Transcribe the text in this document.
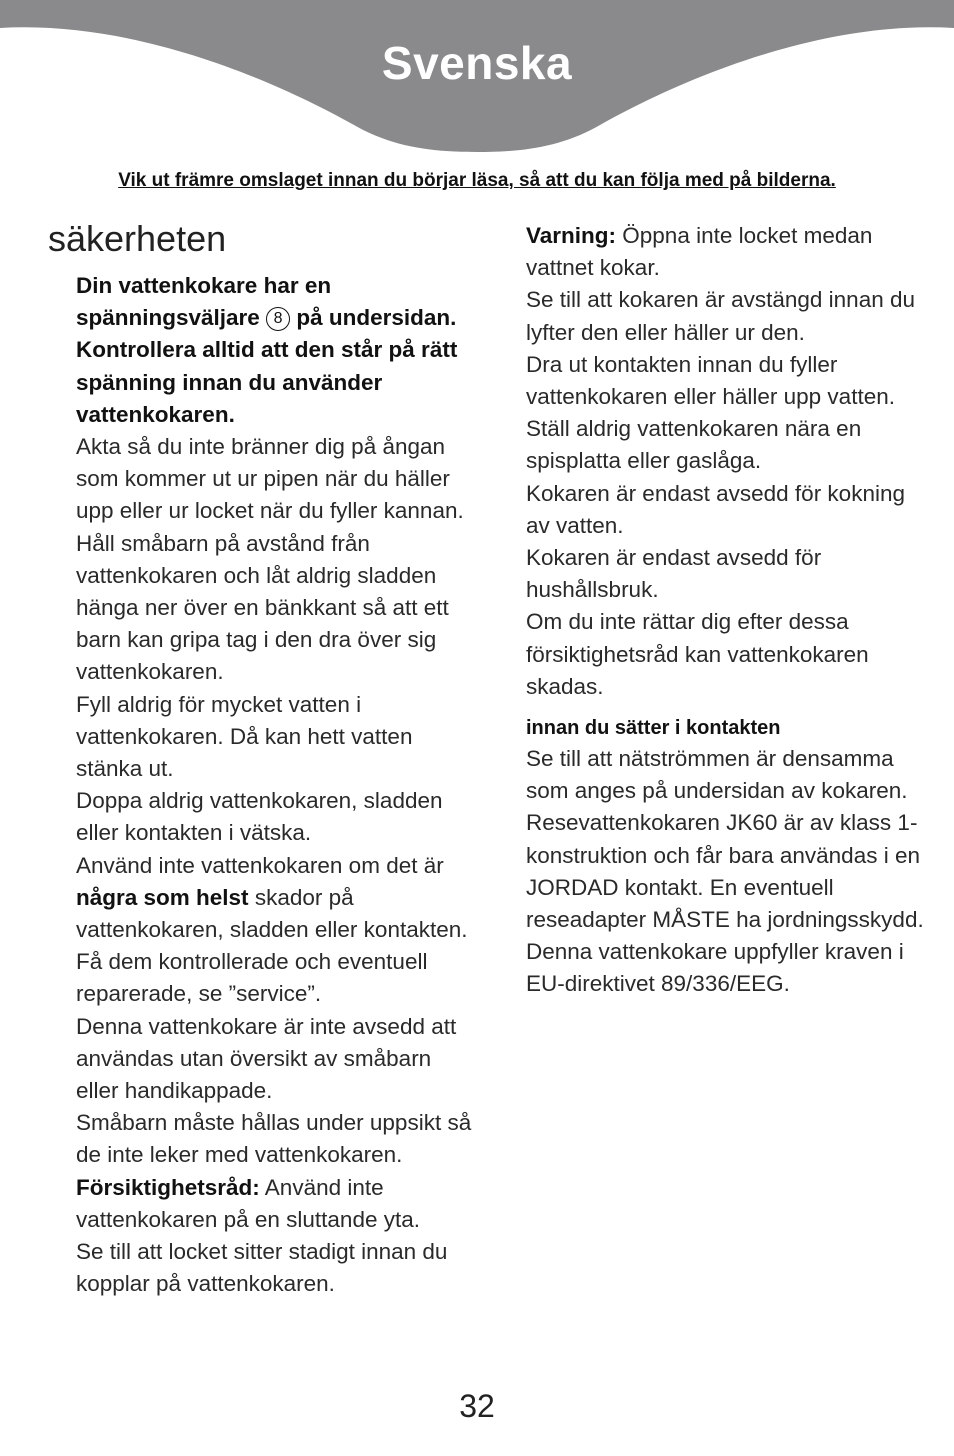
Svenska
Vik ut främre omslaget innan du börjar läsa, så att du kan följa med på bilderna.
säkerheten

Din vattenkokare har en spänningsväljare 8 på undersidan. Kontrollera alltid att den står på rätt spänning innan du använder vattenkokaren.

Akta så du inte bränner dig på ångan som kommer ut ur pipen när du häller upp eller ur locket när du fyller kannan.

Håll småbarn på avstånd från vattenkokaren och låt aldrig sladden hänga ner över en bänkkant så att ett barn kan gripa tag i den dra över sig vattenkokaren.

Fyll aldrig för mycket vatten i vattenkokaren. Då kan hett vatten stänka ut.

Doppa aldrig vattenkokaren, sladden eller kontakten i vätska.

Använd inte vattenkokaren om det är några som helst skador på vattenkokaren, sladden eller kontakten. Få dem kontrollerade och eventuell reparerade, se ”service”.

Denna vattenkokare är inte avsedd att användas utan översikt av småbarn eller handikappade.

Småbarn måste hållas under uppsikt så de inte leker med vattenkokaren.

Försiktighetsråd: Använd inte vattenkokaren på en sluttande yta.

Se till att locket sitter stadigt innan du kopplar på vattenkokaren.

Varning: Öppna inte locket medan vattnet kokar.

Se till att kokaren är avstängd innan du lyfter den eller häller ur den.

Dra ut kontakten innan du fyller vattenkokaren eller häller upp vatten.

Ställ aldrig vattenkokaren nära en spisplatta eller gaslåga.

Kokaren är endast avsedd för kokning av vatten.

Kokaren är endast avsedd för hushållsbruk.

Om du inte rättar dig efter dessa försiktighetsråd kan vattenkokaren skadas.

innan du sätter i kontakten

Se till att nätströmmen är densamma som anges på undersidan av kokaren.

Resevattenkokaren JK60 är av klass 1-konstruktion och får bara användas i en JORDAD kontakt. En eventuell reseadapter MÅSTE ha jordningsskydd.

Denna vattenkokare uppfyller kraven i EU-direktivet 89/336/EEG.

32
